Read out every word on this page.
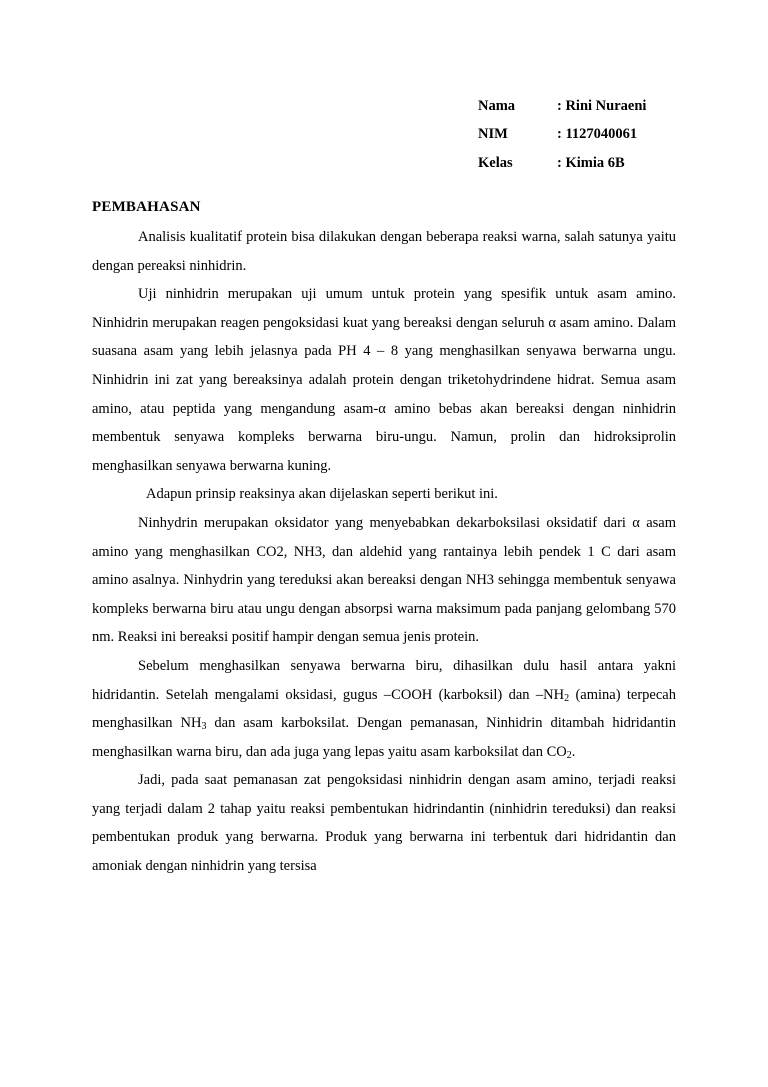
Nama	: Rini Nuraeni
NIM	: 1127040061
Kelas	: Kimia 6B
PEMBAHASAN

Analisis kualitatif protein bisa dilakukan dengan beberapa reaksi warna, salah satunya yaitu dengan pereaksi ninhidrin.

Uji ninhidrin merupakan uji umum untuk protein yang spesifik untuk asam amino. Ninhidrin merupakan reagen pengoksidasi kuat yang bereaksi dengan seluruh α asam amino. Dalam suasana asam yang lebih jelasnya pada PH 4 – 8 yang menghasilkan senyawa berwarna ungu. Ninhidrin ini zat yang bereaksinya adalah protein dengan triketohydrindene hidrat. Semua asam amino, atau peptida yang mengandung asam-α amino bebas akan bereaksi dengan ninhidrin membentuk senyawa kompleks berwarna biru-ungu. Namun, prolin dan hidroksiprolin menghasilkan senyawa berwarna kuning.

Adapun prinsip reaksinya akan dijelaskan seperti berikut ini.

Ninhydrin merupakan oksidator yang menyebabkan dekarboksilasi oksidatif dari α asam amino yang menghasilkan CO2, NH3, dan aldehid yang rantainya lebih pendek 1 C dari asam amino asalnya. Ninhydrin yang tereduksi akan bereaksi dengan NH3 sehingga membentuk senyawa kompleks berwarna biru atau ungu dengan absorpsi warna maksimum pada panjang gelombang 570 nm. Reaksi ini bereaksi positif hampir dengan semua jenis protein.

Sebelum menghasilkan senyawa berwarna biru, dihasilkan dulu hasil antara yakni hidridantin. Setelah mengalami oksidasi, gugus –COOH (karboksil) dan $-NH_2$ (amina) terpecah menghasilkan $NH_3$ dan asam karboksilat. Dengan pemanasan, Ninhidrin ditambah hidridantin menghasilkan warna biru, dan ada juga yang lepas yaitu asam karboksilat dan $CO_2$.

Jadi, pada saat pemanasan zat pengoksidasi ninhidrin dengan asam amino, terjadi reaksi yang terjadi dalam 2 tahap yaitu reaksi pembentukan hidrindantin (ninhidrin tereduksi) dan reaksi pembentukan produk yang berwarna. Produk yang berwarna ini terbentuk dari hidridantin dan amoniak dengan ninhidrin yang tersisa
